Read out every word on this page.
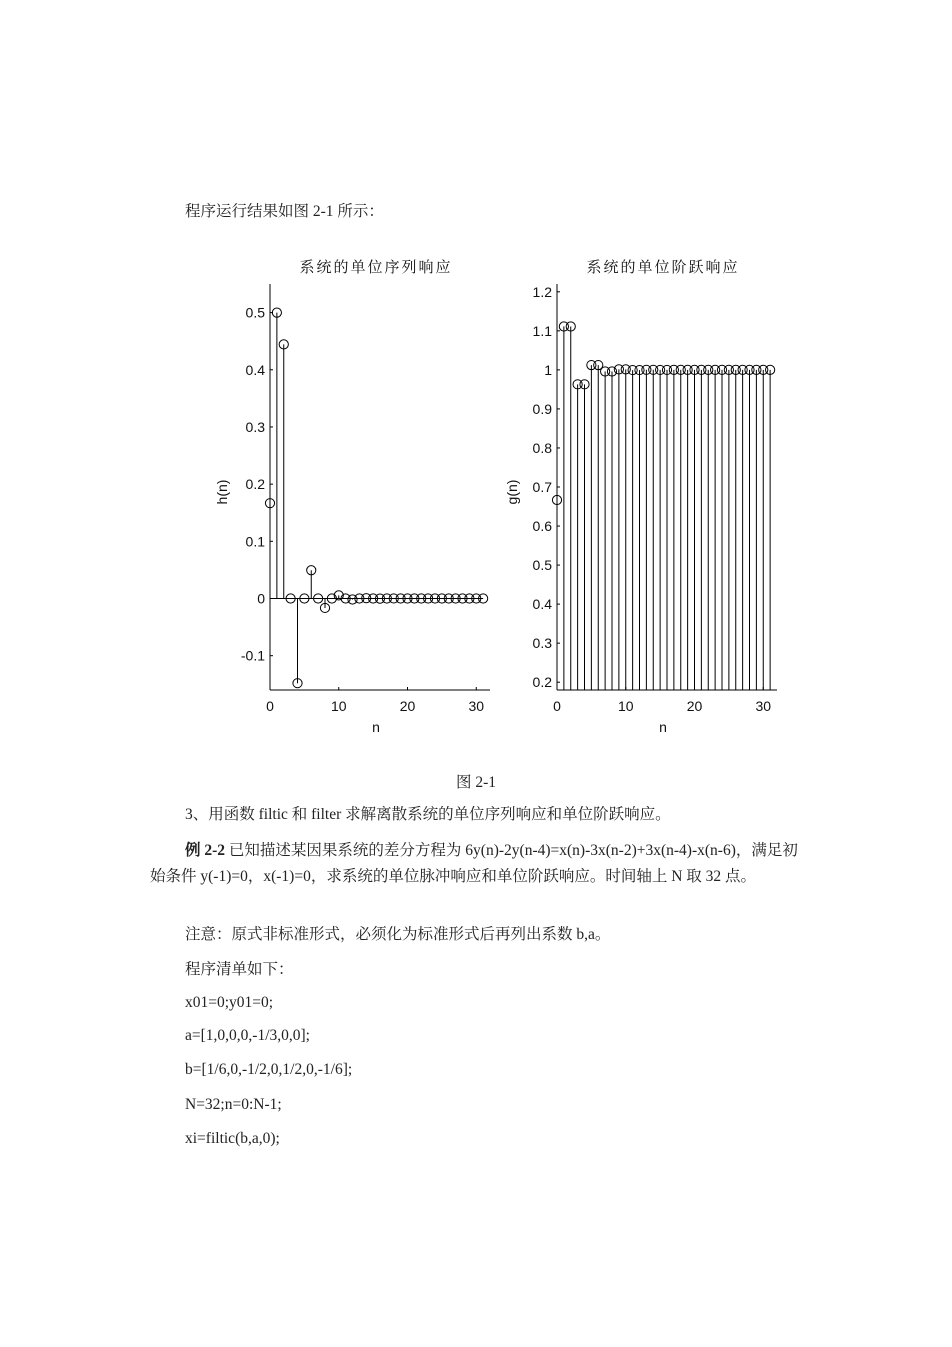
程序运行结果如图 2-1 所示：

-0.1
0
0.1
0.2
0.3
0.4
0.5
0	10	20	30
系统的单位序列响应
n
h(n)
0.2
0.3
0.4
0.5
0.6
0.7
0.8
0.9
1
1.1
1.2
0	10	20	30
系统的单位阶跃响应
n
g(n)
图 2-1

3、用函数 filtic 和 filter 求解离散系统的单位序列响应和单位阶跃响应。

例 2-2 已知描述某因果系统的差分方程为 6y(n)-2y(n-4)=x(n)-3x(n-2)+3x(n-4)-x(n-6)，满足初始条件 y(-1)=0，x(-1)=0，求系统的单位脉冲响应和单位阶跃响应。时间轴上 N 取 32 点。

注意：原式非标准形式，必须化为标准形式后再列出系数 b,a。

程序清单如下：

x01=0;y01=0;

a=[1,0,0,0,-1/3,0,0];

b=[1/6,0,-1/2,0,1/2,0,-1/6];

N=32;n=0:N-1;

xi=filtic(b,a,0);
